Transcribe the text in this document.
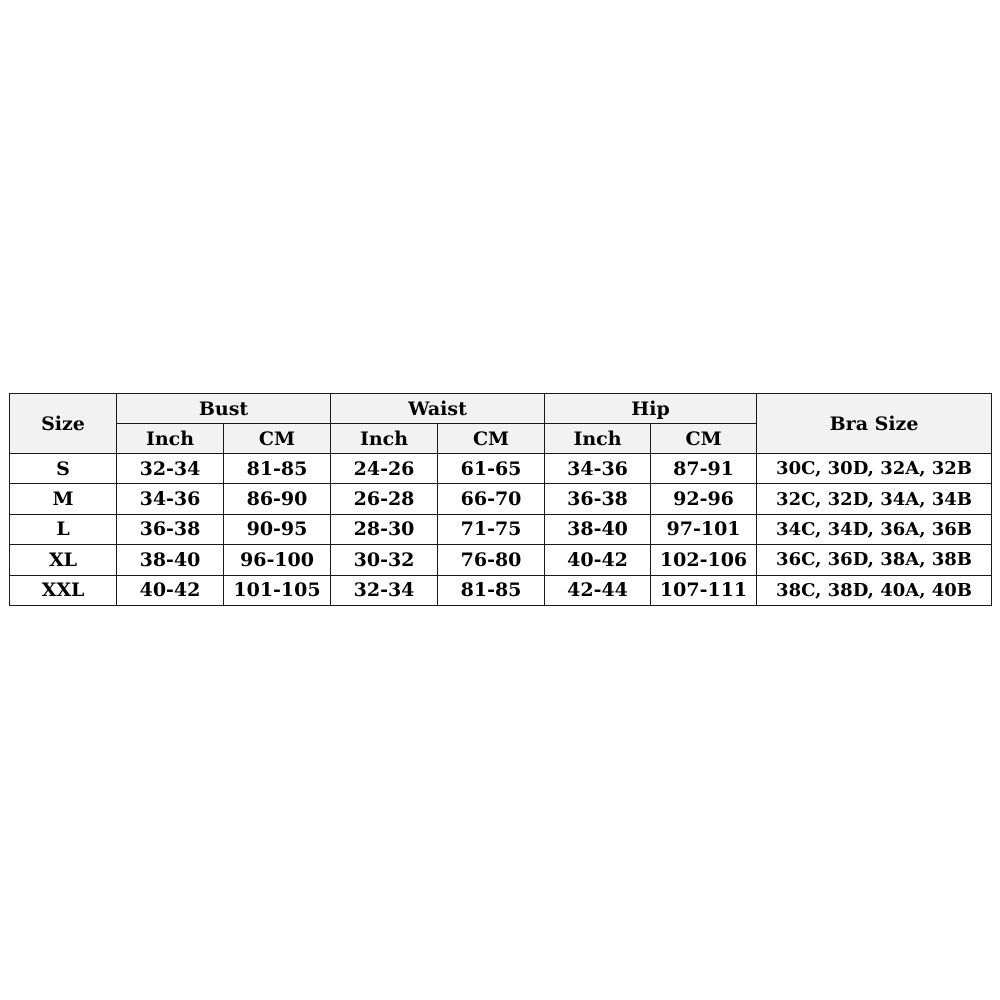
Size	Bust		Waist		Hip		Bra Size
	Inch	CM	Inch	CM	Inch	CM	
S	32-34	81-85	24-26	61-65	34-36	87-91	30C, 30D, 32A, 32B
M	34-36	86-90	26-28	66-70	36-38	92-96	32C, 32D, 34A, 34B
L	36-38	90-95	28-30	71-75	38-40	97-101	34C, 34D, 36A, 36B
XL	38-40	96-100	30-32	76-80	40-42	102-106	36C, 36D, 38A, 38B
XXL	40-42	101-105	32-34	81-85	42-44	107-111	38C, 38D, 40A, 40B
